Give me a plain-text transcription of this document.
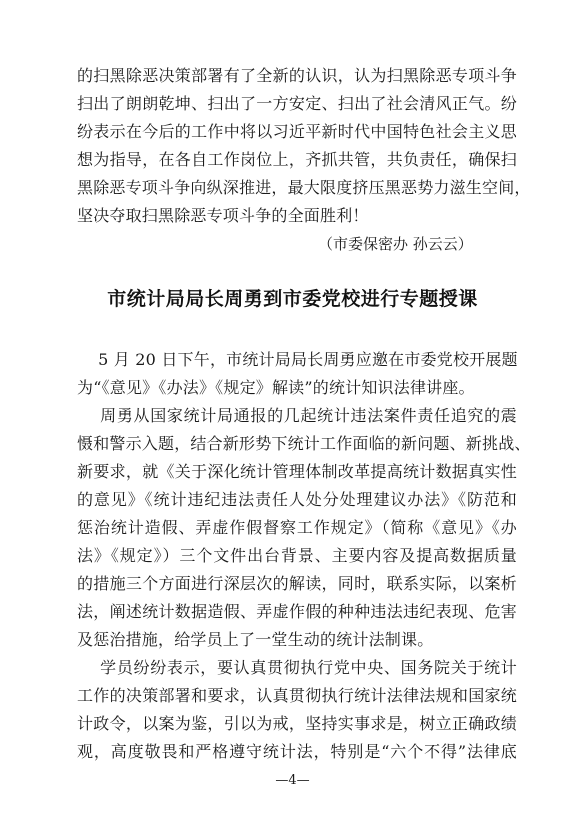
的扫黑除恶决策部署有了全新的认识，认为扫黑除恶专项斗争
扫出了朗朗乾坤、扫出了一方安定、扫出了社会清风正气。纷
纷表示在今后的工作中将以习近平新时代中国特色社会主义思
想为指导，在各自工作岗位上，齐抓共管，共负责任，确保扫
黑除恶专项斗争向纵深推进，最大限度挤压黑恶势力滋生空间，
坚决夺取扫黑除恶专项斗争的全面胜利！
（市委保密办 孙云云）
市统计局局长周勇到市委党校进行专题授课
5 月 20 日下午，市统计局局长周勇应邀在市委党校开展题
为“《意见》《办法》《规定》解读”的统计知识法律讲座。
周勇从国家统计局通报的几起统计违法案件责任追究的震
慑和警示入题，结合新形势下统计工作面临的新问题、新挑战、
新要求，就《关于深化统计管理体制改革提高统计数据真实性
的意见》《统计违纪违法责任人处分处理建议办法》《防范和
惩治统计造假、弄虚作假督察工作规定》（简称《意见》《办
法》《规定》）三个文件出台背景、主要内容及提高数据质量
的措施三个方面进行深层次的解读，同时，联系实际，以案析
法，阐述统计数据造假、弄虚作假的种种违法违纪表现、危害
及惩治措施，给学员上了一堂生动的统计法制课。
学员纷纷表示，要认真贯彻执行党中央、国务院关于统计
工作的决策部署和要求，认真贯彻执行统计法律法规和国家统
计政令，以案为鉴，引以为戒，坚持实事求是，树立正确政绩
观，高度敬畏和严格遵守统计法，特别是“六个不得”法律底
—4—
